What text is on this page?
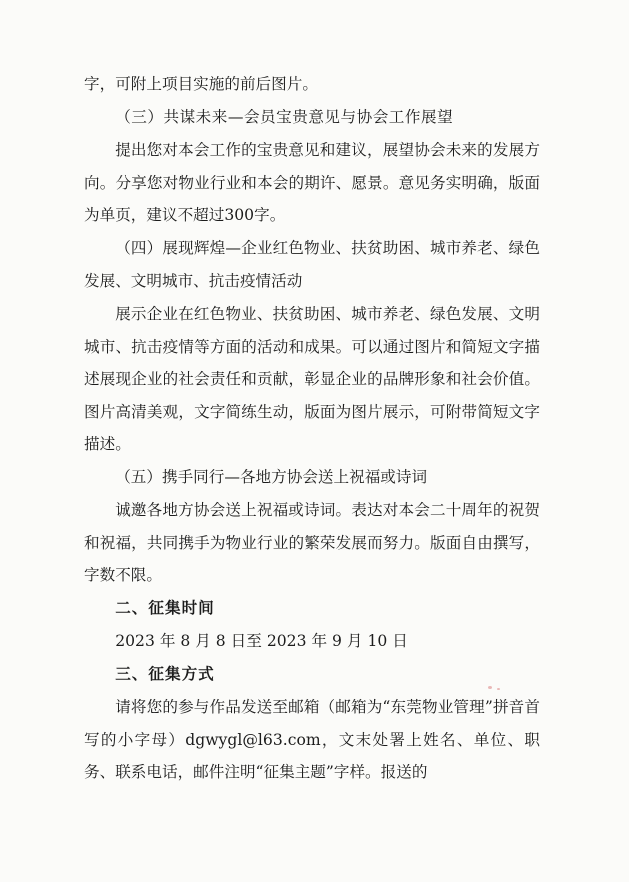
字，可附上项目实施的前后图片。
（三）共谋未来—会员宝贵意见与协会工作展望
提出您对本会工作的宝贵意见和建议，展望协会未来的发展方向。分享您对物业行业和本会的期许、愿景。意见务实明确，版面为单页，建议不超过300字。
（四）展现辉煌—企业红色物业、扶贫助困、城市养老、绿色发展、文明城市、抗击疫情活动
展示企业在红色物业、扶贫助困、城市养老、绿色发展、文明城市、抗击疫情等方面的活动和成果。可以通过图片和简短文字描述展现企业的社会责任和贡献，彰显企业的品牌形象和社会价值。图片高清美观，文字简练生动，版面为图片展示，可附带简短文字描述。
（五）携手同行—各地方协会送上祝福或诗词
诚邀各地方协会送上祝福或诗词。表达对本会二十周年的祝贺和祝福，共同携手为物业行业的繁荣发展而努力。版面自由撰写，字数不限。
二、征集时间
2023 年 8 月 8 日至 2023 年 9 月 10 日
三、征集方式
请将您的参与作品发送至邮箱（邮箱为“东莞物业管理”拼音首写的小字母）dgwygl@l63.com，文末处署上姓名、单位、职务、联系电话，邮件注明“征集主题”字样。报送的
